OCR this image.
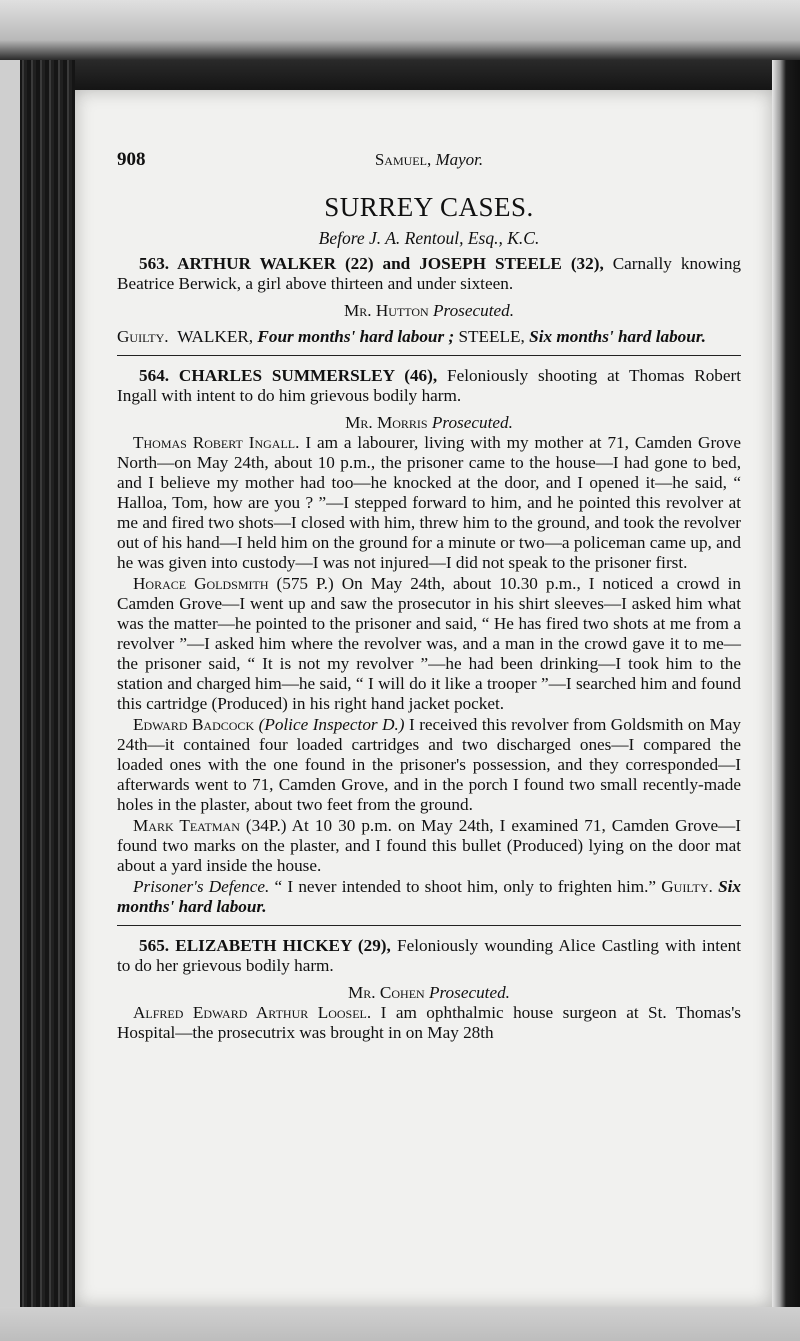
908	Samuel, Mayor.
SURREY CASES.
Before J. A. Rentoul, Esq., K.C.

563. ARTHUR WALKER (22) and JOSEPH STEELE (32), Carnally knowing Beatrice Berwick, a girl above thirteen and under sixteen.

Mr. Hutton Prosecuted.
Guilty. WALKER, Four months' hard labour ; STEELE, Six months' hard labour.

564. CHARLES SUMMERSLEY (46), Feloniously shooting at Thomas Robert Ingall with intent to do him grievous bodily harm.

Mr. Morris Prosecuted.

Thomas Robert Ingall. I am a labourer, living with my mother at 71, Camden Grove North—on May 24th, about 10 p.m., the prisoner came to the house—I had gone to bed, and I believe my mother had too—he knocked at the door, and I opened it—he said, “ Halloa, Tom, how are you ? ”—I stepped forward to him, and he pointed this revolver at me and fired two shots—I closed with him, threw him to the ground, and took the revolver out of his hand—I held him on the ground for a minute or two—a policeman came up, and he was given into custody—I was not injured—I did not speak to the prisoner first.

Horace Goldsmith (575 P.) On May 24th, about 10.30 p.m., I noticed a crowd in Camden Grove—I went up and saw the prosecutor in his shirt sleeves—I asked him what was the matter—he pointed to the prisoner and said, “ He has fired two shots at me from a revolver ”—I asked him where the revolver was, and a man in the crowd gave it to me—the prisoner said, “ It is not my revolver ”—he had been drinking—I took him to the station and charged him—he said, “ I will do it like a trooper ”—I searched him and found this cartridge (Produced) in his right hand jacket pocket.

Edward Badcock (Police Inspector D.) I received this revolver from Goldsmith on May 24th—it contained four loaded cartridges and two discharged ones—I compared the loaded ones with the one found in the prisoner's possession, and they corresponded—I afterwards went to 71, Camden Grove, and in the porch I found two small recently-made holes in the plaster, about two feet from the ground.

Mark Teatman (34P.) At 10 30 p.m. on May 24th, I examined 71, Camden Grove—I found two marks on the plaster, and I found this bullet (Produced) lying on the door mat about a yard inside the house.

Prisoner's Defence. “ I never intended to shoot him, only to frighten him.” Guilty. Six months' hard labour.

565. ELIZABETH HICKEY (29), Feloniously wounding Alice Castling with intent to do her grievous bodily harm.

Mr. Cohen Prosecuted.

Alfred Edward Arthur Loosel. I am ophthalmic house surgeon at St. Thomas's Hospital—the prosecutrix was brought in on May 28th
